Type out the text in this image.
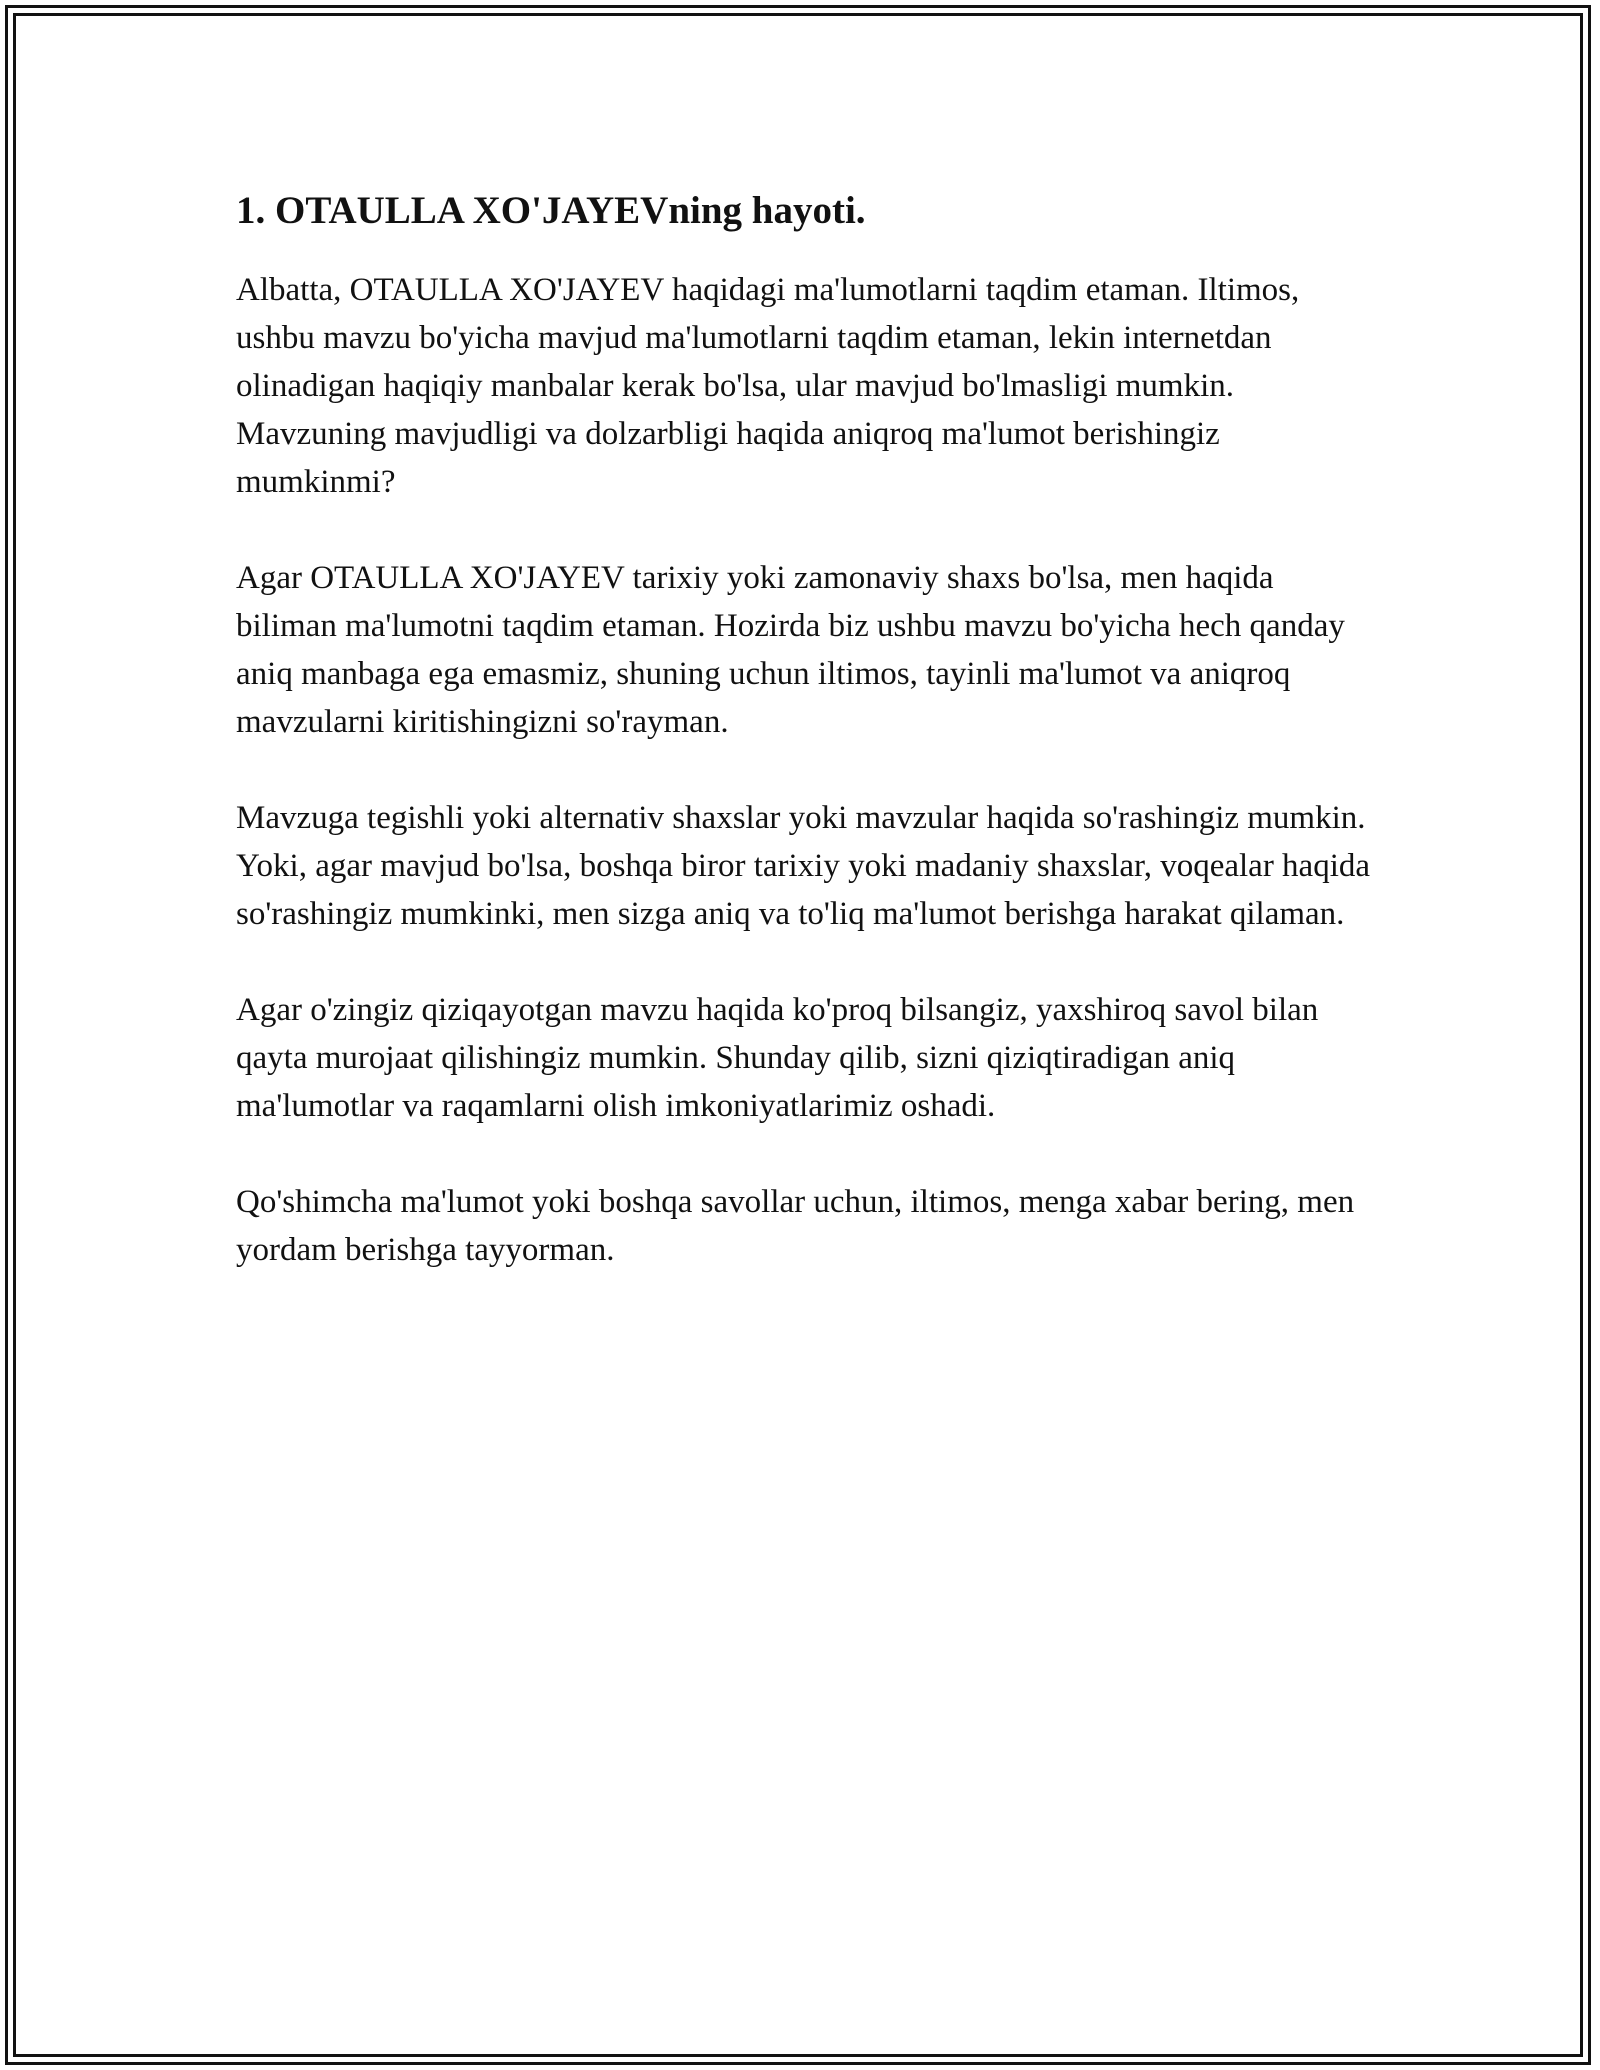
1. OTAULLA XO'JAYEVning hayoti.

Albatta, OTAULLA XO'JAYEV haqidagi ma'lumotlarni taqdim etaman. Iltimos, ushbu mavzu bo'yicha mavjud ma'lumotlarni taqdim etaman, lekin internetdan olinadigan haqiqiy manbalar kerak bo'lsa, ular mavjud bo'lmasligi mumkin. Mavzuning mavjudligi va dolzarbligi haqida aniqroq ma'lumot berishingiz mumkinmi?

Agar OTAULLA XO'JAYEV tarixiy yoki zamonaviy shaxs bo'lsa, men haqida biliman ma'lumotni taqdim etaman. Hozirda biz ushbu mavzu bo'yicha hech qanday aniq manbaga ega emasmiz, shuning uchun iltimos, tayinli ma'lumot va aniqroq mavzularni kiritishingizni so'rayman.

Mavzuga tegishli yoki alternativ shaxslar yoki mavzular haqida so'rashingiz mumkin. Yoki, agar mavjud bo'lsa, boshqa biror tarixiy yoki madaniy shaxslar, voqealar haqida so'rashingiz mumkinki, men sizga aniq va to'liq ma'lumot berishga harakat qilaman.

Agar o'zingiz qiziqayotgan mavzu haqida ko'proq bilsangiz, yaxshiroq savol bilan qayta murojaat qilishingiz mumkin. Shunday qilib, sizni qiziqtiradigan aniq ma'lumotlar va raqamlarni olish imkoniyatlarimiz oshadi.

Qo'shimcha ma'lumot yoki boshqa savollar uchun, iltimos, menga xabar bering, men yordam berishga tayyorman.
